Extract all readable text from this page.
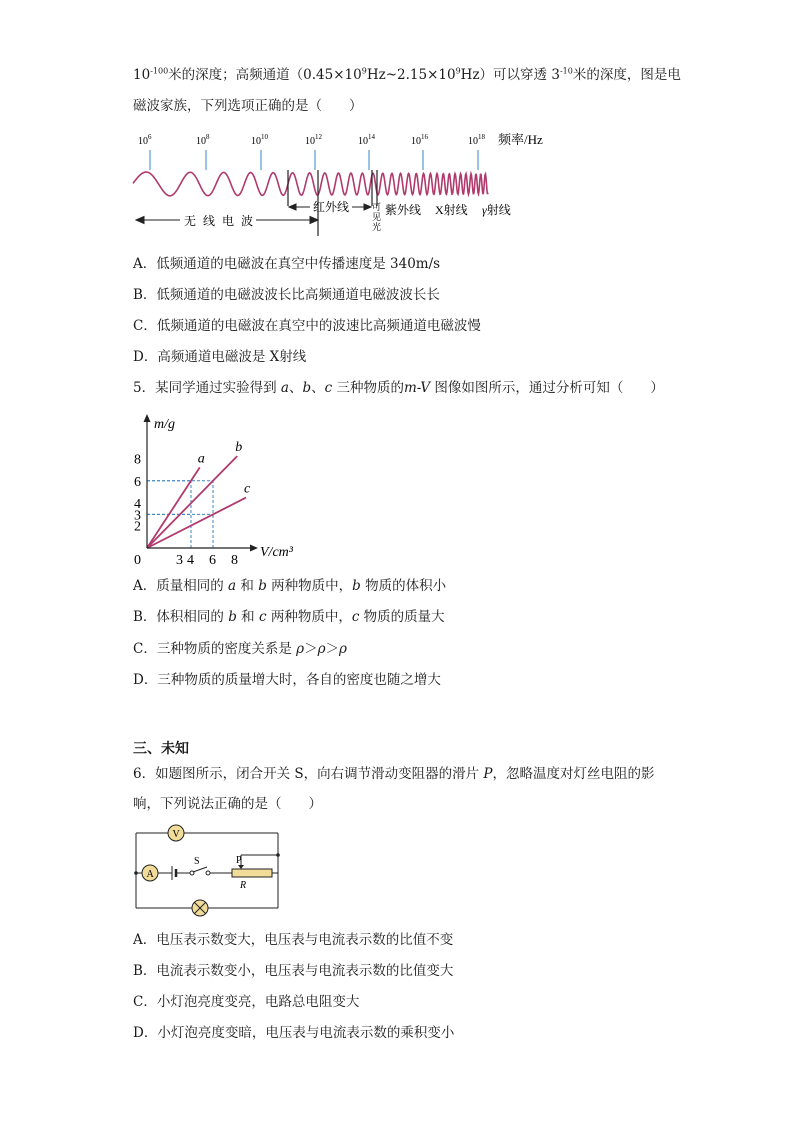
$10^{-100}$米的深度；高频通道$(0.45\times 10^9Hz\sim 2.15\times 10^9Hz)$可以穿透 $3^{-10}$米的深度，图是电
磁波家族，下列选项正确的是（　　）
$10^6$	$10^8$	$10^{10}$	$10^{12}$	$10^{14}$	$10^{16}$	$10^{18}$ 频率/Hz
无 线 电 波
红外线	可
见
光
紫外线 X射线 γ射线
A．低频通道的电磁波在真空中传播速度是 340m/s
B．低频通道的电磁波波长比高频通道电磁波波长长
C．低频通道的电磁波在真空中的波速比高频通道电磁波慢
D．高频通道电磁波是 X射线
5．某同学通过实验得到 a、b、c 三种物质的m-V 图像如图所示，通过分析可知（　　）
a
b
c
2
3
4
6
8
0	3 4 6 8
m/g
V/cm³
A．质量相同的 a 和 b 两种物质中，b 物质的体积小
B．体积相同的 b 和 c 两种物质中，c 物质的质量大
C．三种物质的密度关系是 ρ＞ρ＞ρ
D．三种物质的质量增大时，各自的密度也随之增大
三、未知
6．如题图所示，闭合开关 S，向右调节滑动变阻器的滑片 P，忽略温度对灯丝电阻的影
响，下列说法正确的是（　　）
S	P
R
V
A
A．电压表示数变大，电压表与电流表示数的比值不变
B．电流表示数变小，电压表与电流表示数的比值变大
C．小灯泡亮度变亮，电路总电阻变大
D．小灯泡亮度变暗，电压表与电流表示数的乘积变小
